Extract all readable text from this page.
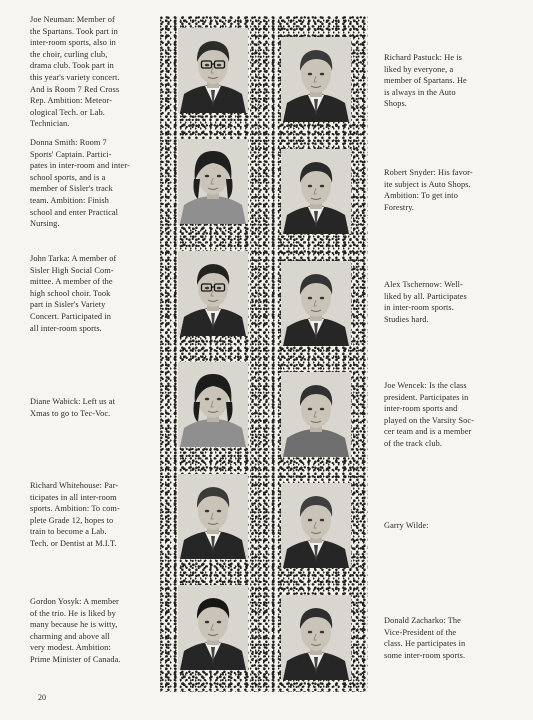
Joe Neuman: Member of
the Spartans. Took part in
inter-room sports, also in
the choir, curling club,
drama club. Took part in
this year's variety concert.
And is Room 7 Red Cross
Rep. Ambition: Meteor-
ological Tech. or Lab.
Technician.

Donna Smith: Room 7
Sports' Captain. Partici-
pates in inter-room and inter-
school sports, and is a
member of Sisler's track
team. Ambition: Finish
school and enter Practical
Nursing.

John Tarka: A member of
Sisler High Social Com-
mittee. A member of the
high school choir. Took
part in Sisler's Variety
Concert. Participated in
all inter-room sports.

Diane Wabick: Left us at
Xmas to go to Tec-Voc.

Richard Whitehouse: Par-
ticipates in all inter-room
sports. Ambition: To com-
plete Grade 12, hopes to
train to become a Lab.
Tech. or Dentist at M.I.T.

Gordon Yosyk: A member
of the trio. He is liked by
many because he is witty,
charming and above all
very modest. Ambition:
Prime Minister of Canada.

Richard Pastuck: He is
liked by everyone, a
member of Spartans. He
is always in the Auto
Shops.

Robert Snyder: His favor-
ite subject is Auto Shops.
Ambition: To get into
Forestry.

Alex Tschernow: Well-
liked by all. Participates
in inter-room sports.
Studies hard.

Joe Wencek: Is the class
president. Participates in
inter-room sports and
played on the Varsity Soc-
cer team and is a member
of the track club.

Garry Wilde:

Donald Zacharko: The
Vice-President of the
class. He participates in
some inter-room sports.

20
